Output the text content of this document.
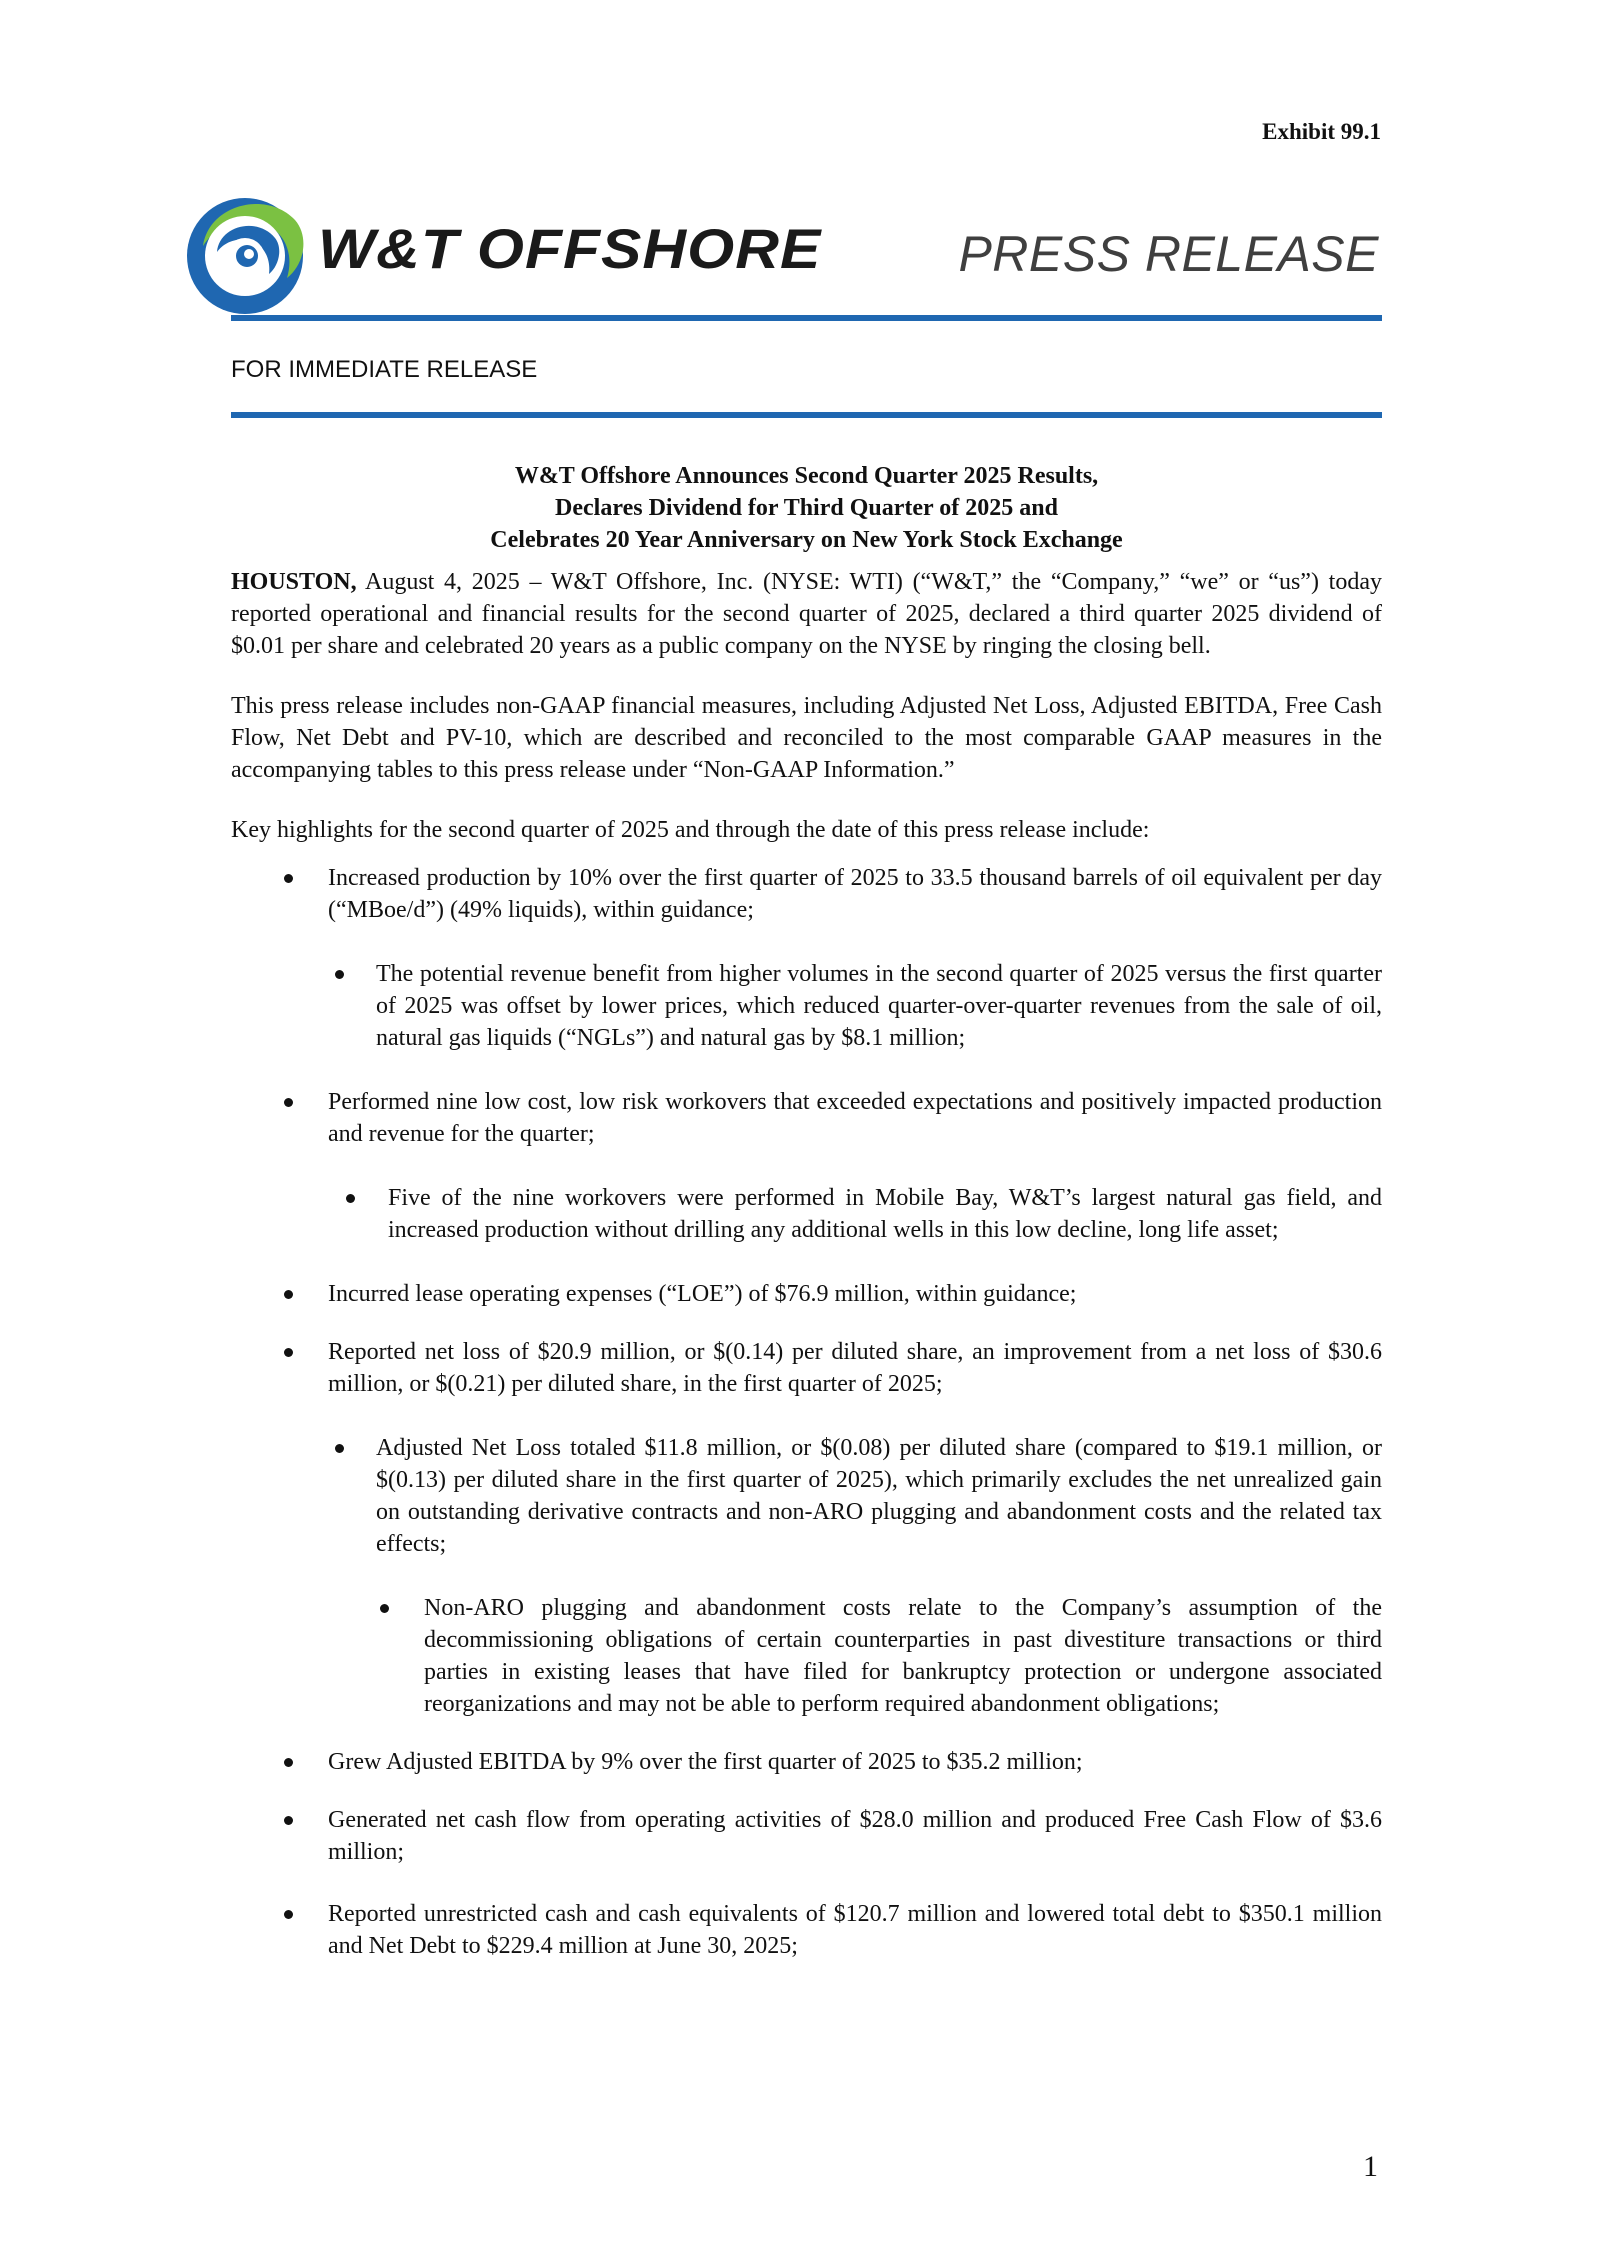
Exhibit 99.1
W&T OFFSHORE	PRESS RELEASE
FOR IMMEDIATE RELEASE
W&T Offshore Announces Second Quarter 2025 Results,
Declares Dividend for Third Quarter of 2025 and
Celebrates 20 Year Anniversary on New York Stock Exchange

HOUSTON, August 4, 2025 – W&T Offshore, Inc. (NYSE: WTI) (“W&T,” the “Company,” “we” or “us”) today reported operational and financial results for the second quarter of 2025, declared a third quarter 2025 dividend of $0.01 per share and celebrated 20 years as a public company on the NYSE by ringing the closing bell.

This press release includes non-GAAP financial measures, including Adjusted Net Loss, Adjusted EBITDA, Free Cash Flow, Net Debt and PV-10, which are described and reconciled to the most comparable GAAP measures in the accompanying tables to this press release under “Non-GAAP Information.”

Key highlights for the second quarter of 2025 and through the date of this press release include:

Increased production by 10% over the first quarter of 2025 to 33.5 thousand barrels of oil equivalent per day (“MBoe/d”) (49% liquids), within guidance;
The potential revenue benefit from higher volumes in the second quarter of 2025 versus the first quarter of 2025 was offset by lower prices, which reduced quarter-over-quarter revenues from the sale of oil, natural gas liquids (“NGLs”) and natural gas by $8.1 million;
Performed nine low cost, low risk workovers that exceeded expectations and positively impacted production and revenue for the quarter;
Five of the nine workovers were performed in Mobile Bay, W&T’s largest natural gas field, and increased production without drilling any additional wells in this low decline, long life asset;
Incurred lease operating expenses (“LOE”) of $76.9 million, within guidance;
Reported net loss of $20.9 million, or $(0.14) per diluted share, an improvement from a net loss of $30.6 million, or $(0.21) per diluted share, in the first quarter of 2025;
Adjusted Net Loss totaled $11.8 million, or $(0.08) per diluted share (compared to $19.1 million, or $(0.13) per diluted share in the first quarter of 2025), which primarily excludes the net unrealized gain on outstanding derivative contracts and non-ARO plugging and abandonment costs and the related tax effects;
Non-ARO plugging and abandonment costs relate to the Company’s assumption of the decommissioning obligations of certain counterparties in past divestiture transactions or third parties in existing leases that have filed for bankruptcy protection or undergone associated reorganizations and may not be able to perform required abandonment obligations;
Grew Adjusted EBITDA by 9% over the first quarter of 2025 to $35.2 million;
Generated net cash flow from operating activities of $28.0 million and produced Free Cash Flow of $3.6 million;
Reported unrestricted cash and cash equivalents of $120.7 million and lowered total debt to $350.1 million and Net Debt to $229.4 million at June 30, 2025;
1
